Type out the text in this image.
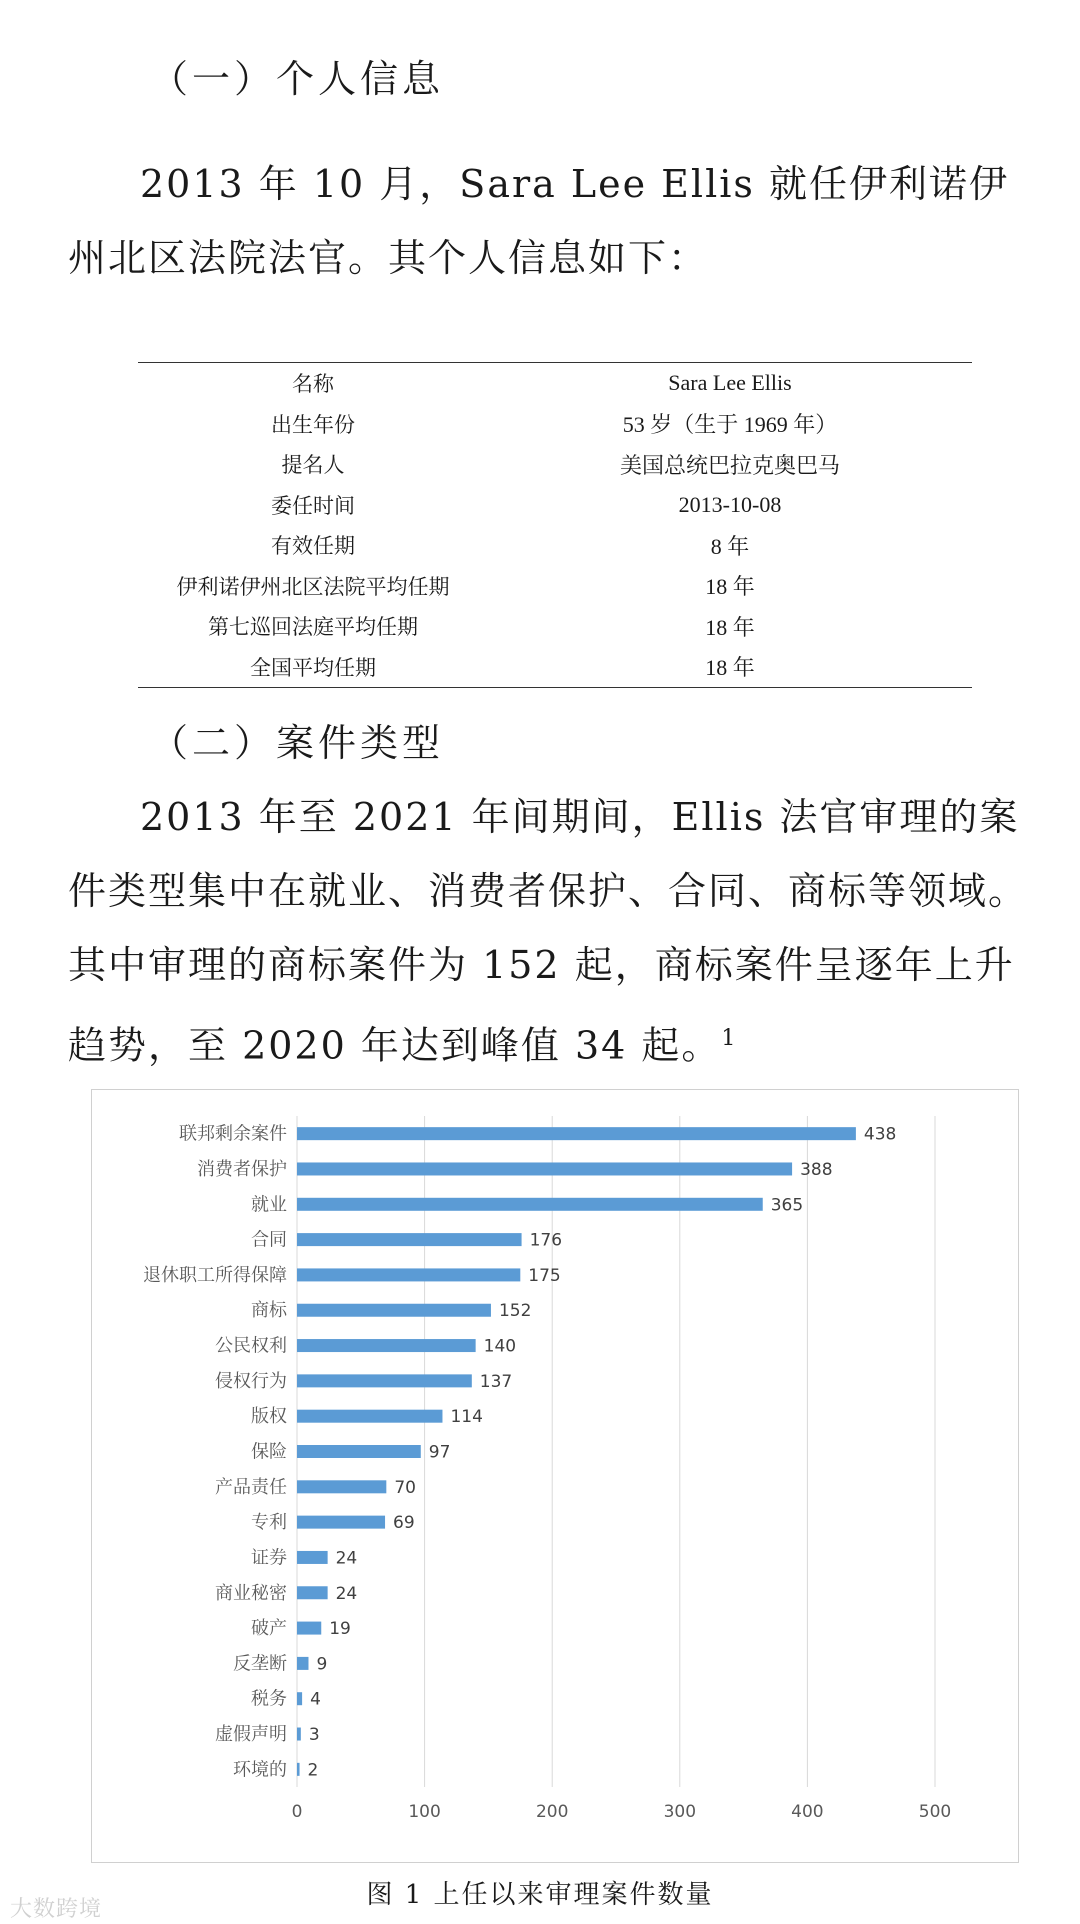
（一）个人信息

2013 年 10 月，Sara Lee Ellis 就任伊利诺伊州北区法院法官。其个人信息如下：

名称	Sara Lee Ellis
出生年份	53 岁（生于 1969 年）
提名人	美国总统巴拉克奥巴马
委任时间	2013-10-08
有效任期	8 年
伊利诺伊州北区法院平均任期	18 年
第七巡回法庭平均任期	18 年
全国平均任期	18 年
（二）案件类型

2013 年至 2021 年间期间，Ellis 法官审理的案件类型集中在就业、消费者保护、合同、商标等领域。其中审理的商标案件为 152 起，商标案件呈逐年上升趋势，至 2020 年达到峰值 34 起。$^1$

0	100	200	300	400	500
联邦剩余案件	438
消费者保护	388
就业	365
合同	176
退休职工所得保障	175
商标	152
公民权利	140
侵权行为	137
版权	114
保险	97
产品责任	70
专利	69
证券	24
商业秘密	24
破产 19
反垄断 9
税务 4
虚假声明 3
环境的 2

图 1 上任以来审理案件数量

大数跨境
